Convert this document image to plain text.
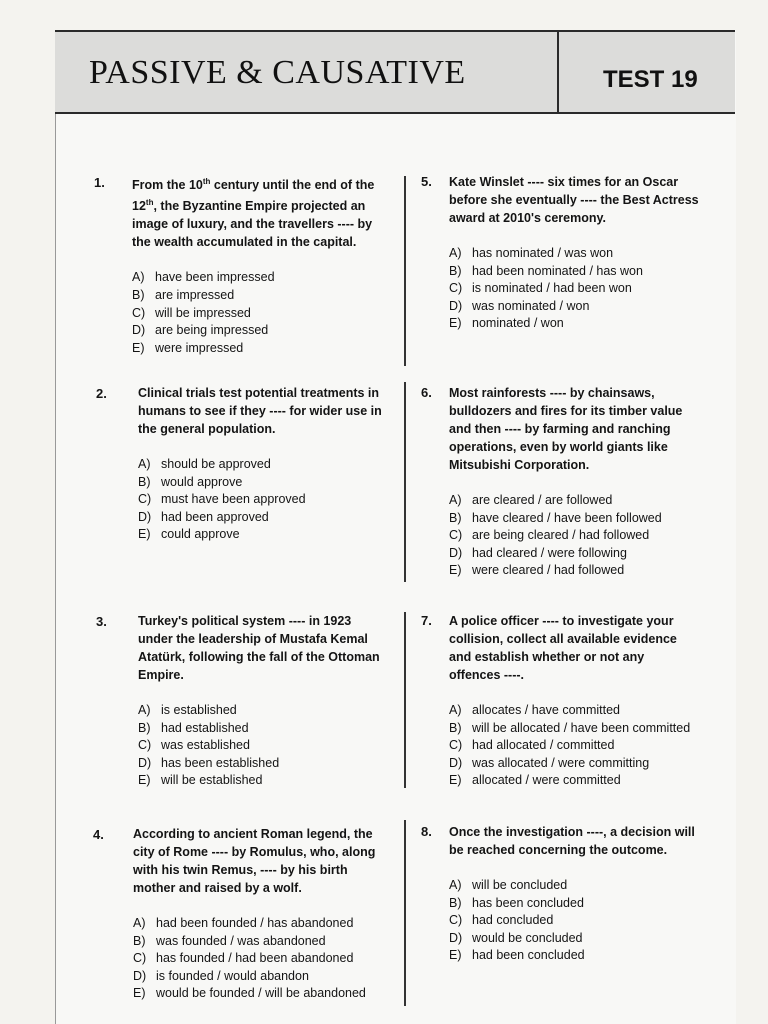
PASSIVE & CAUSATIVE	TEST 19
1. From the 10th century until the end of the 12th, the Byzantine Empire projected an image of luxury, and the travellers ---- by the wealth accumulated in the capital.

A) have been impressed
B) are impressed
C) will be impressed
D) are being impressed
E) were impressed
2. Clinical trials test potential treatments in humans to see if they ---- for wider use in the general population.

A) should be approved
B) would approve
C) must have been approved
D) had been approved
E) could approve
3. Turkey's political system ---- in 1923 under the leadership of Mustafa Kemal Atatürk, following the fall of the Ottoman Empire.

A) is established
B) had established
C) was established
D) has been established
E) will be established
4. According to ancient Roman legend, the city of Rome ---- by Romulus, who, along with his twin Remus, ---- by his birth mother and raised by a wolf.

A) had been founded / has abandoned
B) was founded / was abandoned
C) has founded / had been abandoned
D) is founded / would abandon
E) would be founded / will be abandoned
5. Kate Winslet ---- six times for an Oscar before she eventually ---- the Best Actress award at 2010's ceremony.

A) has nominated / was won
B) had been nominated / has won
C) is nominated / had been won
D) was nominated / won
E) nominated / won
6. Most rainforests ---- by chainsaws, bulldozers and fires for its timber value and then ---- by farming and ranching operations, even by world giants like Mitsubishi Corporation.

A) are cleared / are followed
B) have cleared / have been followed
C) are being cleared / had followed
D) had cleared / were following
E) were cleared / had followed
7. A police officer ---- to investigate your collision, collect all available evidence and establish whether or not any offences ----.

A) allocates / have committed
B) will be allocated / have been committed
C) had allocated / committed
D) was allocated / were committing
E) allocated / were committed
8. Once the investigation ----, a decision will be reached concerning the outcome.

A) will be concluded
B) has been concluded
C) had concluded
D) would be concluded
E) had been concluded
